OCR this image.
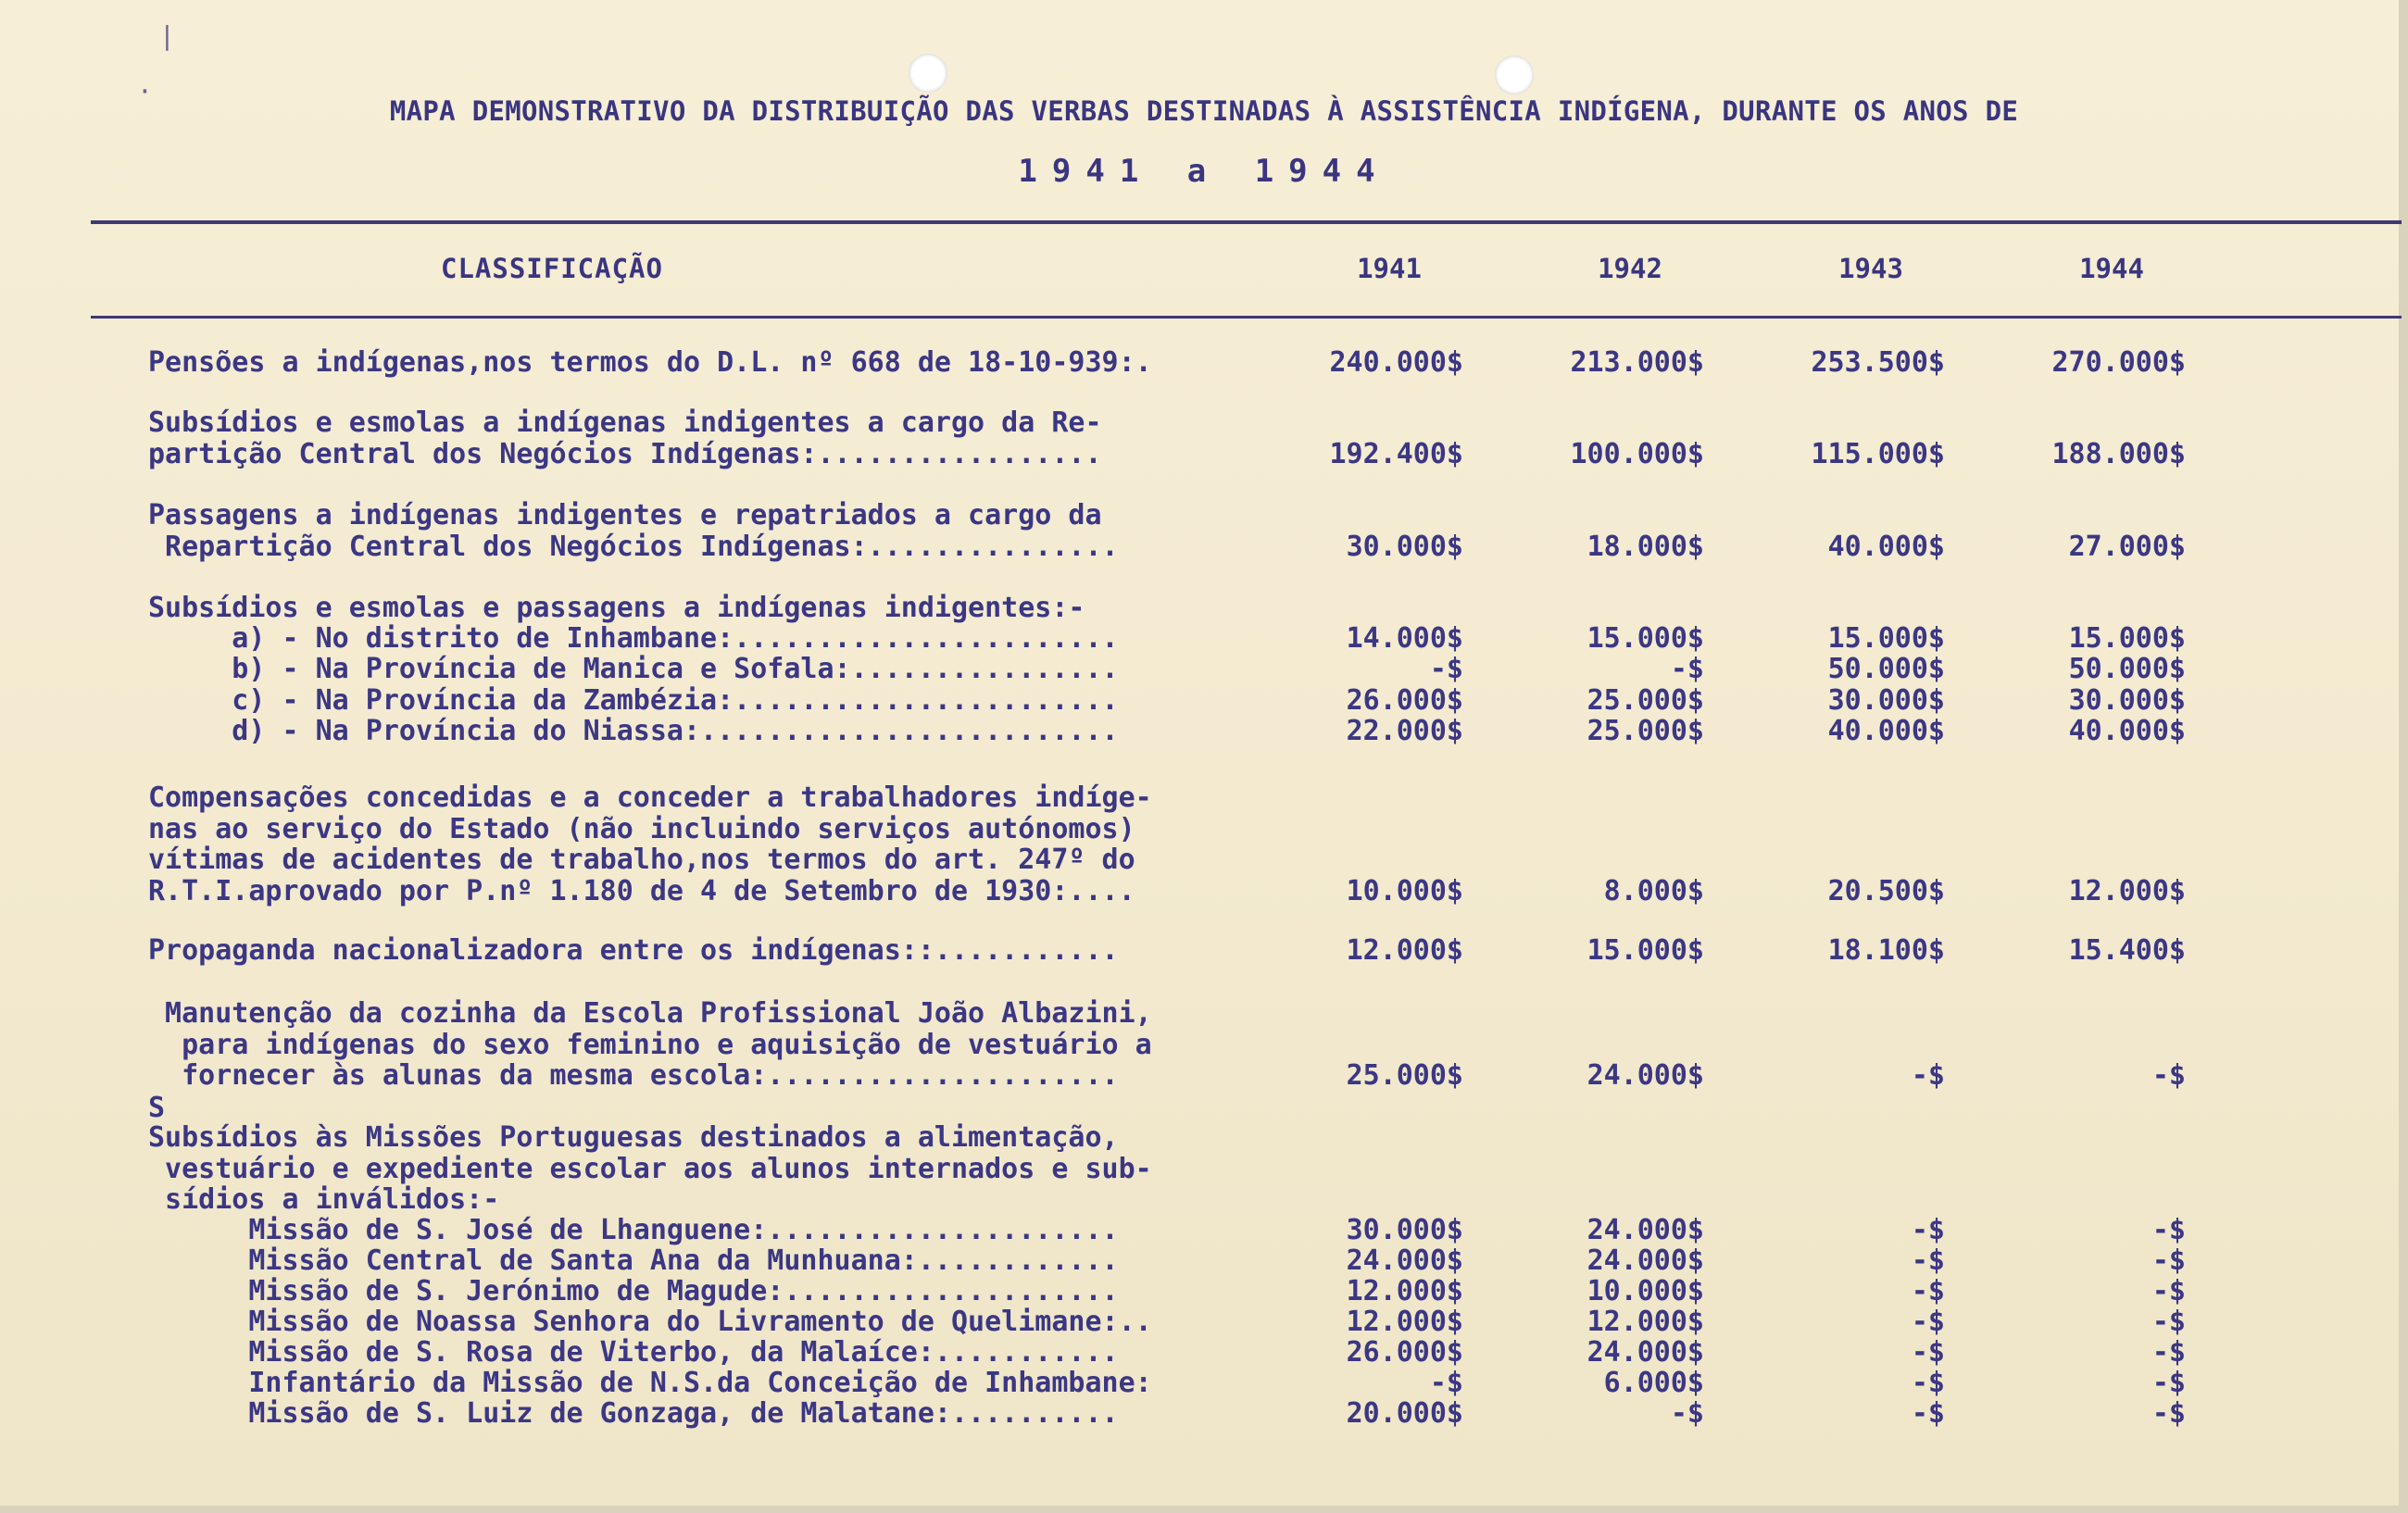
|
·
MAPA DEMONSTRATIVO DA DISTRIBUIÇÃO DAS VERBAS DESTINADAS À ASSISTÊNCIA INDÍGENA, DURANTE OS ANOS DE
1941 a 1944
CLASSIFICAÇÃO	1941	1942	1943	1944
Pensões a indígenas,nos termos do D.L. nº 668 de 18-10-939:.	240.000$	213.000$	253.500$	270.000$
Subsídios e esmolas a indígenas indigentes a cargo da Re-
partição Central dos Negócios Indígenas:.................	192.400$	100.000$	115.000$	188.000$
Passagens a indígenas indigentes e repatriados a cargo da
Repartição Central dos Negócios Indígenas:...............	30.000$	18.000$	40.000$	27.000$
Subsídios e esmolas e passagens a indígenas indigentes:-
a) - No distrito de Inhambane:.......................	14.000$	15.000$	15.000$	15.000$
b) - Na Província de Manica e Sofala:................	-$	-$	50.000$	50.000$
c) - Na Província da Zambézia:.......................	26.000$	25.000$	30.000$	30.000$
d) - Na Província do Niassa:.........................	22.000$	25.000$	40.000$	40.000$
Compensações concedidas e a conceder a trabalhadores indíge-
nas ao serviço do Estado (não incluindo serviços autónomos)
vítimas de acidentes de trabalho,nos termos do art. 247º do
R.T.I.aprovado por P.nº 1.180 de 4 de Setembro de 1930:....	10.000$	8.000$	20.500$	12.000$
Propaganda nacionalizadora entre os indígenas::...........	12.000$	15.000$	18.100$	15.400$
Manutenção da cozinha da Escola Profissional João Albazini,
para indígenas do sexo feminino e aquisição de vestuário a
fornecer às alunas da mesma escola:.....................	25.000$	24.000$	-$	-$
S
Subsídios às Missões Portuguesas destinados a alimentação,
vestuário e expediente escolar aos alunos internados e sub-
sídios a inválidos:-
Missão de S. José de Lhanguene:.....................	30.000$	24.000$	-$	-$
Missão Central de Santa Ana da Munhuana:............	24.000$	24.000$	-$	-$
Missão de S. Jerónimo de Magude:....................	12.000$	10.000$	-$	-$
Missão de Noassa Senhora do Livramento de Quelimane:..	12.000$	12.000$	-$	-$
Missão de S. Rosa de Viterbo, da Malaíce:...........	26.000$	24.000$	-$	-$
Infantário da Missão de N.S.da Conceição de Inhambane:	-$	6.000$	-$	-$
Missão de S. Luiz de Gonzaga, de Malatane:..........	20.000$	-$	-$	-$
